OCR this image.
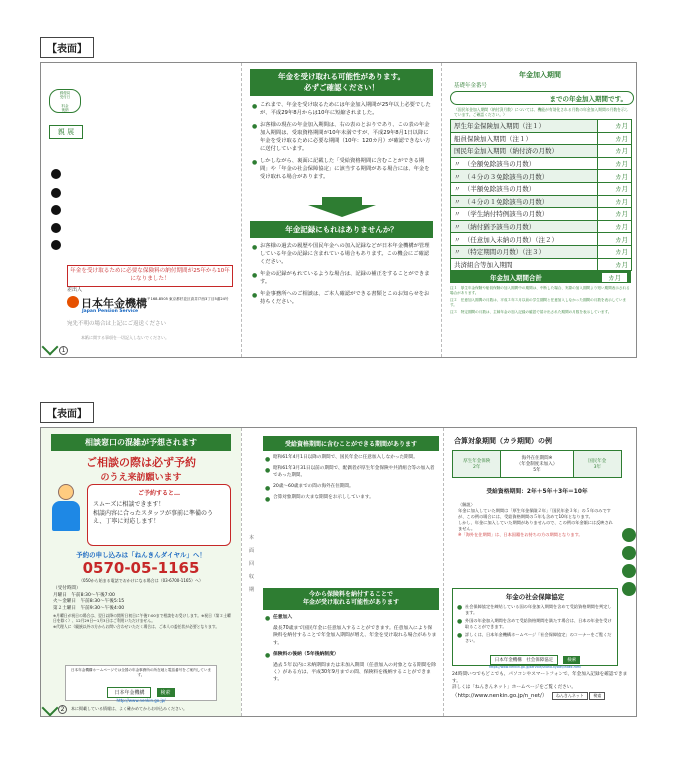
【表面】
郵便局
受付日

料金
後納
親 展
年金を受け取るために必要な保険料の納付期間が25年から10年になりました！
差出人
日本年金機構
Japan Pension Service
〒168-8505 東京都杉並区高井戸西3丁目5番24号
宛先不明の場合は上記にご返送ください
本紙に関する事項を一切記入しないでください。
1
年金を受け取れる可能性があります。
必ずご確認ください！
● これまで、年金を受け取るためには年金加入期間が25年以上必要でしたが、平成29年8月からは10年に短縮されました。
● お客様の現在の年金加入期間は、右の表のとおりであり、この表の年金加入期間は、受取資格期間が10年未満ですが、平成29年8月1日以降に年金を受け取るために必要な期間（10年：120カ月）が確認できない方に送付しています。
● しかしながら、裏面に記載した「受給資格期間に含むことができる期間」や「年金の社会保障協定」に該当する期間がある場合には、年金を受け取れる場合があります。
年金記録にもれはありませんか？
● お客様の過去の履歴や国民年金への加入記録などが日本年金機構が管理している年金の記録に含まれている場合もあります。この機会にご確認ください。
● 年金の記録がもれているような場合は、記録の補正をすることができます。
● 年金事務所へのご相談は、ご本人確認ができる書類とこのお知らせをお持ちください。
年金加入期間
基礎年金番号
までの年金加入期間です。
（国民年金加入期間（納付済月数）については、機能が有効化される月数の年金加入期間の月数を示しています。ご確認ください。）
厚生年金保険加入期間（注１）	カ月
船員保険加入期間（注１）	カ月
国民年金加入期間（納付済の月数）	カ月
〃　（全額免除該当の月数）	カ月
〃　（４分の３免除該当の月数）	カ月
〃　（半額免除該当の月数）	カ月
〃　（４分の１免除該当の月数）	カ月
〃　（学生納付特例該当の月数）	カ月
〃　（納付猶予該当の月数）	カ月
〃　（任意加入未納の月数）（注２）	カ月
〃　（特定期間の月数）（注３）	カ月
共済組合等加入期間	カ月
年金加入期間合計	カ月
注１　厚生年金保険や船員保険の加入期間中の期間は、中断した場合、実際の加入期間より短い期間表示される場合があります。
注２　任意加入期間の月数は、平成３年３月以前の学生期間と任意加入しなかった期間の月数を表示しています。
注３　特定期間の月数は、主婦年金の加入記録の確認で届け出された期間の月数を表示しています。
【表面】
相談窓口の混雑が予想されます
ご相談の際は必ず予約
のうえ来訪願います
ご予約すると…
スムーズに相談できます！
相談内容に合ったスタッフが事前に準備のうえ、丁寧に対応します！
予約の申し込みは「ねんきんダイヤル」へ！
0570-05-1165
（050から始まる電話でおかけになる場合は（03-6700-1165）へ）
（受付時間）
月曜日　午前8:30～午後7:00
火～金曜日　午前8:30～午後5:15
第２土曜日　午前9:30～午後4:00
※月曜日が祝日の場合は、翌日以降の開所日初日に午後7:00まで相談をお受けします。※祝日（第２土曜日を除く）、12月29日～1月3日はご利用いただけません。
※代理人に（親族以外の方からお問い合わせいただく場合は、ご本人の委任状が必要となります。
日本年金機構ホームページでは全国の年金事務所の所在地と電話番号をご案内しています。
日本年金機構	検索
http://www.nenkin.go.jp/
2	本に掲載している情報は、よく確かめてからお申込みください。
本
面
回
収
期
受給資格期間に含むことができる期間があります
● 昭和61年4月1日以降の期間で、国民年金に任意加入しなかった期間。
● 昭和61年3月31日以前の期間で、配偶者が厚生年金保険や共済組合等の加入者であった期間。
● 20歳～60歳までの間の海外在住期間。
● 合算対象期間の大まな期間をお示ししています。
今から保険料を納付することで
年金が受け取れる可能性があります
● 任意加入
最長70歳まで国民年金に任意加入することができます。任意加入により保険料を納付することで年金加入期間が増え、年金を受け取れる場合があります。
● 保険料の後納（5年後納制度）
過去５年以内に未納期間または未加入期間（任意加入の対象となる期間を除く）がある方は、平成30年9月までの間、保険料を後納することができます。
合算対象期間（カラ期間）の例
厚生年金保険
2年
海外在住期間※
（年金制度未加入）
5年
国民年金
3年
受給資格期間：2年＋5年＋3年＝10年
〈解説〉
年金に加入していた期間は「厚生年金保険２年」「国民年金３年」の５年のみですが、この例の場合には、受給資格期間の５年も含めて10年となります。
しかし、年金に加入していた期間がありませんので、この例の年金額には反映されません。
※「海外在住期間」は、日本国籍をお持ちの方の期間となります。
年金の社会保障協定
● 社会保障協定を締結している国の年金加入期間を含めて受給資格期間を判定します。
● 外国の年金加入期間を含めて受給資格期間を満たす場合は、日本の年金を受け取ることができます。
● 詳しくは、日本年金機構ホームページ「社会保障協定」のコーナーをご覧ください。
日本年金機構　社会保障協定	検索
https://www.nenkin.go.jp/service/shaho-kyotei/index.html
24時間いつでもどこでも、パソコンやスマートフォンで、年金加入記録を確認できます。
詳しくは「ねんきんネット」ホームページをご覧ください。
（http://www.nenkin.go.jp/n_net/） ねんきんネット 検索
